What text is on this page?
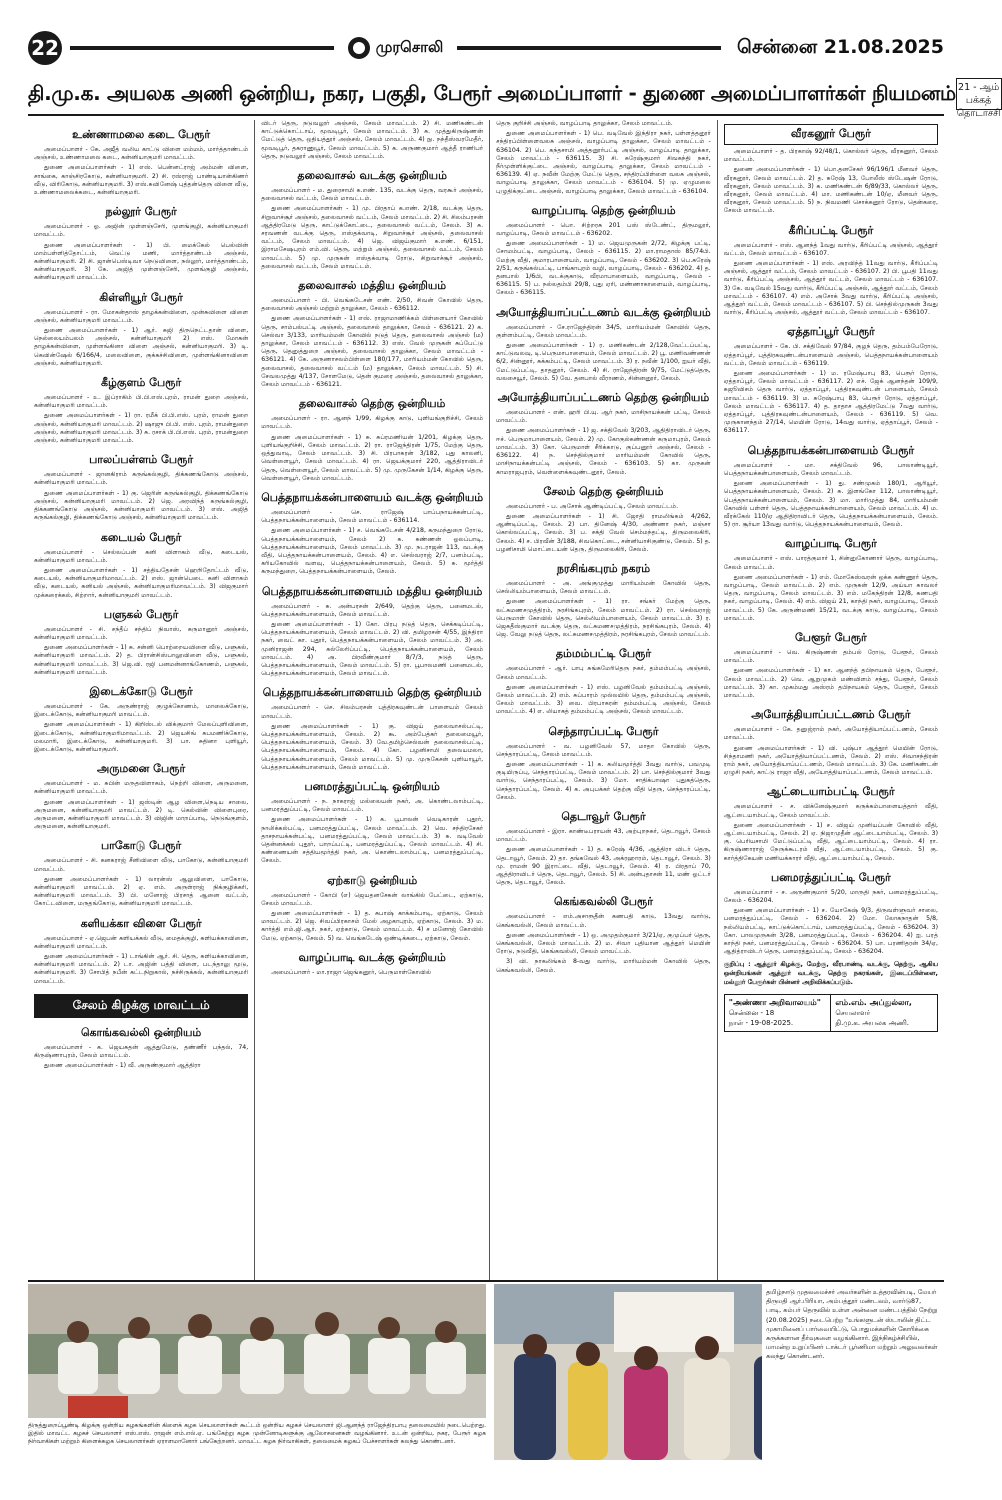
22	முரசொலி	சென்னை 21.08.2025
தி.மு.க. அயலக அணி ஒன்றிய, நகர, பகுதி, பேரூர் அமைப்பாளர் - துணை அமைப்பாளர்கள் நியமனம் 21 - ஆம் பக்கத்
தொடர்ச்சி
உண்ணாமலை கடை பேரூர்
அமைப்பாளர் - கே. அஜீத் வலிய காட்டு விளை மம்மம், மார்த்தாண்டம் அஞ்சல், உண்ணாமலை கடை, கன்னியாகுமரி மாவட்டம்.
துணை அமைப்பாளர்கள் - 1) எஸ். பென்னட்ராஜ் அம்மன் விளை, சாங்கை, காஞ்சிரகோடு, கன்னியாகுமரி. 2) சி. ரஸ்ராஜ் பாண்டியான்கிணர் வீடு, விரிகோடு, கன்னியாகுமரி. 3) எஸ்.சுவினேஷ் புத்தன்தெரு விளை வீடு, உண்ணாமலைக்கடை, கன்னியாகுமரி.
நல்லூர் பேரூர்
அமைப்பாளர் - ஓ. அஜின் முள்ளஞ்சேரி, முளங்குழி, கன்னியாகுமரி மாவட்டம்.
துணை அமைப்பாளர்கள் - 1) பி. மைக்கேல் பெல்வின் மாம்பள்ளித்தோட்டம், வெட்டு மணி, மார்த்தாண்டம் அஞ்சல், கன்னியாகுமரி. 2) சி. ஜான்பெஸ்டிவா நெடுவிளை, நல்லூர், மார்த்தாண்டம், கன்னியாகுமரி. 3) கே. அஜித் முள்ளஞ்சேரி, முளங்குழி அஞ்சல், கன்னியாகுமரி மாவட்டம்.
கிள்ளியூர் பேரூர்
அமைப்பாளர் - ரா. மோகன்தாஸ் தாழக்கன்விளை, முன்சுவிளை விளை அஞ்சல், கன்னியாகுமரி மாவட்டம்.
துணை அமைப்பாளர்கள் - 1) ஆர். சுஜி திருநெட்டதான் விளை, நெல்லையம்பலம் அஞ்சல், கன்னியாகுமரி 2) எஸ். மோகன் தாழக்கன்விளை, முள்ளங்கினா விளை அஞ்சல், கன்னியாகுமரி. 3) டி. கெவின்ஷேல் 6/166/4, மலைவிளை, குக்கச்சிவிளை, முள்ளங்கினாவிளை அஞ்சல், கன்னியாகுமரி.
கீழ்குளம் பேரூர்
அமைப்பாளர் - உ. இப்ராகிம் பி.பி.எஸ்.புரம், ராமன் துறை அஞ்சல், கன்னியாகுமரி மாவட்டம்.
துணை அமைப்பாளர்கள் - 1) ரா. ரமீக் பி.பி.எஸ். புரம், ராமன் துறை அஞ்சல், கன்னியாகுமரி மாவட்டம். 2) ஷாஜு பி.பி. எஸ். புரம், ராமன்துறை அஞ்சல், கன்னியாகுமரி மாவட்டம். 3) சு. ரசாக் பி.பி.எஸ். புரம், ராமன்துறை அஞ்சல், கன்னியாகுமரி மாவட்டம்.
பாலப்பள்ளம் பேரூர்
அமைப்பாளர் - ஜானகிராம் கருங்கல்குழி, திக்கணங்கோடு அஞ்சல், கன்னியாகுமரி மாவட்டம்.
துணை அமைப்பாளர்கள் - 1) கு. ஜெரின் கருங்கல்குழி, திக்கணங்கோடு அஞ்சல், கன்னியாகுமரி மாவட்டம். 2) ஜெ. அரவிந்த் கருங்கல்குழி, திக்கணங்கோடு அஞ்சல், கன்னியாகுமரி மாவட்டம். 3) எஸ். அஜித் கருங்கல்குழி, திக்கணங்கோடு அஞ்சல், கன்னியாகுமரி மாவட்டம்.
கடையல் பேரூர்
அமைப்பாளர் - செல்லப்பன் கனி விளாகம் வீடு, கடையல், கன்னியாகுமரி மாவட்டம்.
துணை அமைப்பாளர்கள் - 1) சத்தியதேசன் ஹெறிதோட்டம் வீடு, கடையல், கன்னியாகுமரிமாவட்டம். 2) எஸ். ஜான்பெடை கனி விளாகம் வீடு, கடையல், கனியல் அஞ்சல், கன்னியாகுமரிமாவட்டம். 3) விஜகுமார் முக்கரைக்கல், சிற்றார், கன்னியாகுமரி மாவட்டம்.
பளுகல் பேரூர்
அமைப்பாளர் - சி. சந்தீப் சந்திப் நிவாஸ், கருமானூர் அஞ்சல், கன்னியாகுமரி மாவட்டம்.
துணை அமைப்பாளர்கள் - 1) சு. சன்னி பொற்றையவிளை வீடு, பளுகல், கன்னியாகுமரி மாவட்டம். 2) த. பிரான்சிஸ்பாலூவிளை வீடு, பளுகல், கன்னியாகுமரி மாவட்டம். 3) ஜெ.வி. ரஜி பனமன்னாங்கோணம், பளுகல், கன்னியாகுமரி மாவட்டம்.
இடைக்கோடு பேரூர்
அமைப்பாளர் - கே. அருண்ராஜ் குழுக்கோணம், மாலைக்கோடு, இடைக்கோடு, கன்னியாகுமரி மாவட்டம்.
துணை அமைப்பாளர்கள் - 1) கிறிஸ்டல் விக்குமார் மேலப்புளிவிளை, இடைக்கோடு, கன்னியாகுமரிமாவட்டம். 2) ஜெயசிங் சுபமணிக்கோடு, மலமாரி, இடைக்கோடு, கன்னியாகுமரி. 3) பா. சுதினா புளியூர், இடைக்கோடு, கன்னியாகுமரி.
அருமனை பேரூர்
அமைப்பாளர் - ம. சுபின் மருதவிளாகம், நெற்றி விளை, அருமனை, கன்னியாகுமரி மாவட்டம்.
துணை அமைப்பாளர்கள் - 1) ஜஸ்டின் ஆழ விளை,நெடிய சாலை, அருமனை, கன்னியாகுமரி மாவட்டம். 2) டி. கெல்வின் விளைபுரை, அருமனை, கன்னியாகுமரி மாவட்டம். 3) விஜின் மாறப்பாடி, நெடுங்குளம், அருமனை, கன்னியாகுமரி.
பாகோடு பேரூர்
அமைப்பாளர் - சி. கனகராஜ் சீனிவிளை வீடு, பாகோடு, கன்னியாகுமரி மாவட்டம்.
துணை அமைப்பாளர்கள் - 1) லாரன்ஸ் ஆலுவிளை, பாகோடு, கன்னியாகுமரி மாவட்டம். 2) ஏ. எம். அருள்ராஜ் நிக்குழிக்கரி, கன்னியாகுமரி மாவட்டம். 3) பி. மனோஜ் பிரசாத் ஆனை வட்டம், கோட்டவிளை, மருதங்கோடு, கன்னியாகுமரி மாவட்டம்.
களியக்கா விளை பேரூர்
அமைப்பாளர் - ஏ.ஜெபன் களியக்கல் வீடு, மைதக்குழி, களியக்காவிளை, கன்னியாகுமரி மாவட்டம்.
துணை அமைப்பாளர்கள் - 1) டாங்கின் ஆர். சி. தெரு, களியக்காவிளை, கன்னியாகுமரி மாவட்டம். 2) டா. அஜின் பத்தி விளை, படந்தாலு மூடு, கன்னியாகுமரி. 3) சோபித் நபீன் கட்டநிறுகால், நச்சிருக்கல், கன்னியாகுமரி மாவட்டம்.
சேலம் கிழக்கு மாவட்டம்
கொங்கவல்லி ஒன்றியம்
அமைப்பாளர் - க. ஜெயசுதன் ஆத்துமேடு, தண்ணீர் பந்தல், 74, கிருஷ்ணாபுரம், சேலம் மாவட்டம்.
துணை அமைப்பாளர்கள் - 1) வீ. அருண்குமார் ஆத்திரா
விடர் தெரு, நடுவலூர் அஞ்சல், சேலம் மாவட்டம். 2) சி. மணிகண்டன் காட்டுக்கொட்டாய், மூவடிபூர், சேலம் மாவட்டம். 3) சு. முத்துகிருஷ்ணன் மேட்டுத் தெரு, ஒதியத்தூர் அஞ்சல், சேலம் மாவட்டம். 4) நு. நந்தீஸ்வரமேதீர், மூவடிபூர், தகராணுபூர், சேலம் மாவட்டம். 5) க. அருணகுமார் ஆத்தீ ராணிபர் தெரு, நடுவலூர் அஞ்சல், சேலம் மாவட்டம்.
தலைவாசல் வடக்கு ஒன்றியம்
அமைப்பாளர் - ம. துரைசாமி க.எண். 135, வடக்கு தெரு, வரகூர் அஞ்சல், தலைவாசல் வட்டம், சேலம் மாவட்டம்.
துணை அமைப்பாளர்கள் - 1) மு. பிரதாப் க.எண். 2/18, வடக்கு தெரு, சிறுவாச்சூர் அஞ்சல், தலைவாசல் வட்டம், சேலம் மாவட்டம். 2) சி. சிலம்பரசன் ஆத்திரமேடு தெரு, காட்டுக்கோட்டை, தலைவாசல் வட்டம், சேலம். 3) சு. சரவணன் வடக்கு தெரு, எஸ்தக்வாடி, சிறுவாச்சூர் அஞ்சல், தலைவாசல் வட்டம், சேலம் மாவட்டம். 4) ஜெ. விஜய்குமார் க.எண். 6/151, இராமசேஷபுரம் எம்.வி. தெரு, மற்றும் அஞ்சல், தலைவாசல் வட்டம், சேலம் மாவட்டம். 5) மு. முருகன் எஸ்தக்வாடி ரோடு, சிறுவாச்சூர் அஞ்சல், தலைவாசல் வட்டம், சேலம் மாவட்டம்.
தலைவாசல் மத்திய ஒன்றியம்
அமைப்பாளர் - பி. வெங்கடேசன் எண். 2/50, சிவன் கோவில் தெரு, தலைவாசல் அஞ்சல் மற்றும் தாலுக்கா, சேலம் - 636112.
துணை அமைப்பாளர்கள் - 1) எஸ். ராஜாமாணிக்கம் பிள்ளையார் கோவில் தெரு, சாம்பல்பட்டி அஞ்சல், தலைவாசல் தாலுக்கா, சேலம் - 636121. 2) க. செல்வா 3/133, மாரியம்மன் கோவில் நடுத் தெரு, தலைவாசல் அஞ்சல் (ம) தாலுக்கா, சேலம் மாவட்டம் - 636112. 3) எஸ். வேல் முருகன் சுப்பேட்டு தெரு, தெனுத்துறை அஞ்சல், தலைவாசல் தாலுக்கா, சேலம் மாவட்டம் - 636121. 4) கே. அருணாசலம்பிள்ளை 180/177, மாரியம்மன் கோவில் தெரு, தலைவாசல், தலைவாசல் வட்டம் (ம) தாலுக்கா, சேலம் மாவட்டம். 5) சி. சேவலமுத்து 4/137, சோளமேடு, தென் குமரை அஞ்சல், தலைவாசல் தாலுக்கா, சேலம் மாவட்டம் - 636121.
தலைவாசல் தெற்கு ஒன்றியம்
அமைப்பாளர் - ரா. ஆனந் 1/99, கிழக்கு காடு, புளியங்குறிச்சி, சேலம் மாவட்டம்.
துணை அமைப்பாளர்கள் - 1) சு. சுப்ரமணியன் 1/201, கிழக்கு தெரு, புளியங்குறிச்சி, சேலம் மாவட்டம். 2) ரா. ராஜேந்திரன் 1/75, மேற்கு தெரு, ஒத்துவாடி, சேலம் மாவட்டம். 3) சி. பிரபாகரன் 3/182, புது காலனி, வெள்ளையூர், சேலம் மாவட்டம். 4) ரா. ஜெயக்குமார் 220, ஆத்திராவிடர் தெரு, வெள்ளையூர், சேலம் மாவட்டம். 5) மு. முருகேசன் 1/14, கிழக்கு தெரு, வெள்ளையூர், சேலம் மாவட்டம்.
பெத்தநாயக்கன்பாளையம் வடக்கு ஒன்றியம்
அமைப்பாளர் - செ. ராஜேஷ் பாப்பநாயக்கன்பட்டி, பெத்தநாயக்கன்பாளையம், சேலம் மாவட்டம் - 636114.
துணை அமைப்பாளர்கள் - 1) ச. வெங்கடேசன் 4/218, கருமந்துறை ரோடு, பெத்தநாயக்கன்பாளையம், சேலம் 2) க. கண்ணன் ஓலப்பாடி, பெத்தநாயக்கன்பாளையம், சேலம் மாவட்டம். 3) மு. நடராஜன் 113, வடக்கு வீதி, பெத்தநாயக்கன்பாளையம், சேலம். 4) எ. செல்வராஜ் 2/7, பனம்பட்டி, கரியகோவில் வளவு, பெத்தநாயக்கன்பாளையம், சேலம். 5) சு. மூர்த்தி கருமந்துறை, பெத்தநாயக்கன்பாளையம், சேலம்.
பெத்தநாயக்கன்பாளையம் மத்திய ஒன்றியம்
அமைப்பாளர் - சு. அன்பரசன் 2/649, தெற்கு தெரு, பனைமடல், பெத்தநாயக்கன்பாளையம், சேலம் மாவட்டம்.
துணை அமைப்பாளர்கள் - 1) கோ. பிரபு நடுத் தெரு, செக்கடிப்பட்டி, பெத்தநாயக்கன்பாளையம், சேலம் மாவட்டம். 2) வி. தமிழரசன் 4/55, இந்திரா நகர், வைட் கா. புதூர், பெத்தநாயக்கன்பாளையம், சேலம் மாவட்டம். 3) அ. முனிராஜன் 294, கல்லேரிப்பட்டி, பெத்தநாயக்கன்பாளையம், சேலம் மாவட்டம். 4) அ. பிரவீண்குமார் 8/7/3, நடுத் தெரு, பெத்தநாயக்கன்பாளையம், சேலம் மாவட்டம். 5) ரா. பூபாலமணி பனைமடல், பெத்தநாயக்கன்பாளையம், சேலம் மாவட்டம்.
பெத்தநாயக்கன்பாளையம் தெற்கு ஒன்றியம்
அமைப்பாளர் - செ. சிலம்பரசன் புத்திரகவுண்டன் பாளையம் சேலம் மாவட்டம்.
துணை அமைப்பாளர்கள் - 1) கு. விஜய் தலைவாசல்பட்டி, பெத்தநாயக்கன்பாளையம், சேலம். 2) கூ. அம்பேத்கர் தலைமையூர், பெத்தநாயக்கன்பாளையம், சேலம். 3) வே.தமிழ்செல்வன் தலைவாசல்பட்டி, பெத்தநாயக்கன்பாளையம், சேலம். 4) கோ. பழனிசாமி தலையமலா, பெத்தநாயக்கன்பாளையம், சேலம் மாவட்டம். 5) மு. முருகேசன் புளியாயூர், பெத்தநாயக்கன்பாளையம், சேலம் மாவட்டம்.
பனமரத்துப்பட்டி ஒன்றியம்
அமைப்பாளர் - ந. நாகராஜ் மல்லையன் நகர், அ. கொண்டலாம்பட்டி, பனமரத்துப்பட்டி, சேலம் மாவட்டம்.
துணை அமைப்பாளர்கள் - 1) க. பூபாலன் வெடிகாரன் புதூர், நாலிக்கல்பட்டி, பனமரத்துப்பட்டி, சேலம் மாவட்டம். 2) வெ. சந்திரசேகர் தாசநாயக்கன்பட்டி, பனமரத்துப்பட்டி, சேலம் மாவட்டம். 3) சு. வடிவேல் தென்னக்கல் புதூர், பாறப்பட்டி, பனமரத்துப்பட்டி, சேலம் மாவட்டம். 4) சி. கண்ணையன் சத்தியமூர்த்தி நகர், அ. கொண்டலாம்பட்டி, பனமரத்துப்பட்டி, சேலம்.
ஏற்காடு ஒன்றியம்
அமைப்பாளர் - கோபி (எ) ஜெயதனசேகன் லாங்கில் பேட்டை, ஏற்காடு, சேலம் மாவட்டம்.
துணை அமைப்பாளர்கள் - 1) த. சுபாஷ் காக்கம்பாடி, ஏற்காடு, சேலம் மாவட்டம். 2) ஜெ. சிவப்பிரகாசம் மேல் அழகாபுரம், ஏற்காடு, சேலம். 3) ம. கார்த்தி எம்.ஜி.ஆர். நகர், ஏற்காடு, சேலம் மாவட்டம். 4) ச மனோஜ் கோவில் மேடு, ஏற்காடு, சேலம். 5) வ. வெங்கடேஷ் ஒண்டிக்கடை, ஏற்காடு, சேலம்.
வாழப்பாடி வடக்கு ஒன்றியம்
அமைப்பாளர் - மா.ராஜா ஜெங்கனூர், பெருமாள்கோவில்
தெரு குறிச்சி அஞ்சல், வாழப்பாடி தாலுக்கா, சேலம் மாவட்டம்.
துணை அமைப்பாளர்கள் - 1) பெ. வடிவேல் இந்திரா நகர், பள்ளத்தனூர் சந்திரப்பிள்ளைவலசு அஞ்சல், வாழப்பாடி தாலுக்கா, சேலம் மாவட்டம் - 636104. 2) பெ. கந்தசாமி அத்தனூர்பட்டி அஞ்சல், வாழப்பாடி தாலுக்கா, சேலம் மாவட்டம் - 636115. 3) சி. சுரேஷ்குமார் சிவகந்தி நகர், நீர்முள்ளிக்குட்டை அஞ்சல், வாழப்பாடி தாலுக்கா, சேலம் மாவட்டம் - 636139. 4) ஏ. நவீன் மேற்கு மேட்டு தெரு, சந்திரப்பிள்ளை வலசு அஞ்சல், வாழப்பாடி தாலுக்கா, சேலம் மாவட்டம் - 636104. 5) மு. ஏழுமலை புழுதிக்குட்டை அஞ்சல், வாழப்பாடி தாலுக்கா, சேலம் மாவட்டம் - 636104.
வாழப்பாடி தெற்கு ஒன்றியம்
அமைப்பாளர் - பொ. சிற்றரசு 201 பஸ் ஸ்டேண்ட், திருமலூர், வாழப்பாடி, சேலம் மாவட்டம் - 636202.
துணை அமைப்பாளர்கள் - 1) ம. ஜெயமுருகன் 2/72, கிழக்கு பட்டி, சோமம்பட்டி, வாழப்பாடி, சேலம் - 636115. 2) மா.ராமதாஸ் 85/74பி. மேற்கு வீதி, குமாரபாளையம், வாழப்பாடி, சேலம் - 636202. 3) பெ.சுரேஷ் 2/51, கருங்கல்பட்டி, பாங்காபுரம் வழி, வாழப்பாடி, சேலம் - 636202. 4) த. தனபால் 1/6பி, வடக்குகாடு, வீரமாபாளையம், வாழப்பாடி, சேலம் - 636115. 5) ப. நல்லதம்பி 29/8, புது ஏரி, மண்ணாகாளையம், வாழப்பாடி, சேலம் - 636115.
அயோத்தியாப்பட்டணம் வடக்கு ஒன்றியம்
அமைப்பாளர் - சே.ராஜேந்திரன் 34/5, மாரியம்மன் கோவில் தெரு, குள்ளம்பட்டி, சேலம் மாவட்டம்.
துணை அமைப்பாளர்கள் - 1) ர. மணிகண்டன் 2/128,வேட்டப்பட்டி, காட்டுவலவு, டி.பெருமாபாளையம், சேலம் மாவட்டம். 2) பூ. மணிவண்ணன் 6/2, சின்னூர், சுக்கம்பட்டி, சேலம் மாவட்டம். 3) ர. நவீன் 1/100, ஐயர் வீதி, மேட்டுப்பட்டி, தாதனூர், சேலம். 4) சி. ராஜேந்திரன் 9/75, மேட்டுத்தெரு, வலசையூர், சேலம். 5) வே. தனபால் வீராணம், சின்னனூர், சேலம்.
அயோத்தியாப்பட்டணம் தெற்கு ஒன்றியம்
அமைப்பாளர் - என். ஹரி பி.யு. ஆர் நகர், மாசிநாயக்கன் பட்டி, சேலம் மாவட்டம்.
துணை அமைப்பாளர்கள் - 1) ஜ. சக்திவேல் 3/203, ஆதிதிராவிடர் தெரு, ஈச். பெருமாபாளையம், சேலம். 2) மு. கோகுல்கண்ணன் கருமாபுரம், சேலம் மாவட்டம். 3) கோ. பெருமாள் சீரிக்காடு, குப்பனூர் அஞ்சல், சேலம் - 636122. 4) ந. செந்தில்குமார் மாரியம்மன் கோவில் தெரு, மாசிநாயக்கன்பட்டி அஞ்சல், சேலம் - 636103. 5) கா. முருகன் காமராஜபுரம், வெள்ளைக்கவுண்டனூர், சேலம்.
சேலம் தெற்கு ஒன்றியம்
அமைப்பாளர் - ப. அசோக் ஆண்டிப்பட்டி, சேலம் மாவட்டம்.
துணை அமைப்பாளர்கள் - 1) சி. ஜோதி ராமலிங்கம் 4/262, ஆண்டிப்பட்டி, சேலம். 2) பா. தினேஷ் 4/30, அண்ணா நகர், மஞ்சா கொல்லப்பட்டி, சேலம். 3) ப. சக்தி வேல் செம்மந்தட்டி, திருமலைகிரி, சேலம். 4) ச. பிரவீன் 3/188, சிவகொட்டை, சன்னியாசிகுண்டு, சேலம். 5) த. பழனிசாமி மொட்டையன் தெரு, திருமலைகிரி, சேலம்.
நரசிங்கபுரம் நகரம்
அமைப்பாளர் - அ. அங்குமுத்து மாரியம்மன் கோவில் தெரு, செல்லியம்பாளையம், சேலம் மாவட்டம்.
துணை அமைப்பாளர்கள் - 1) ரா. சங்கர் மேற்கு தெரு, லட்சுமணசமுத்திரம், நரசிங்கபுரம், சேலம் மாவட்டம். 2) ரா. செல்வராஜ் பெருமாள் கோவில் தெரு, செல்லியம்பாளையம், சேலம் மாவட்டம். 3) ர. ஜெகதீஸ்குமார் வடக்கு தெரு, லட்சுமணசமுத்திரம், நரசிங்கபுரம், சேலம். 4) ஜெ. வேலு நடுத் தெரு, லட்சுமணசமுத்திரம், நரசிங்கபுரம், சேலம் மாவட்டம்.
தம்மம்பட்டி பேரூர்
அமைப்பாளர் - ஆர். பாபு சுங்கமேரிதெரு நகர், தம்மம்பட்டி அஞ்சல், சேலம் மாவட்டம்.
துணை அமைப்பாளர்கள் - 1) எஸ். பழனிவேல் தம்மம்பட்டி அஞ்சல், சேலம் மாவட்டம். 2) எம். சுப்பாரம் முல்லயில் தெரு, தம்மம்பட்டி அஞ்சல், சேலம் மாவட்டம். 3) வை. பிரபாகரன் தம்மம்பட்டி அஞ்சல், சேலம் மாவட்டம். 4) எ. லியாகத் தம்மம்பட்டி அஞ்சல், சேலம் மாவட்டம்.
செந்தாரப்பட்டி பேரூர்
அமைப்பாளர் - வ. பழனிவேல் 57, மாதா கோவில் தெரு, செந்தாரப்பட்டி, சேலம் மாவட்டம்.
துணை அமைப்பாளர்கள் - 1) க. கலியமூர்த்தி 3வது வார்டு, பவமுடி குடியிருப்பு, செந்தாரப்பட்டி, சேலம் மாவட்டம். 2) பா. செந்தில்குமார் 3வது வார்டு, செந்தாரப்பட்டி, சேலம். 3) மோ. சாதிக்பாஷா புதுகத்தெரு, செந்தாரப்பட்டி, சேலம். 4) க. அபுபக்கர் தெற்கு வீதி தெரு, செந்தாரப்பட்டி, சேலம்.
தெடாவூர் பேரூர்
அமைப்பாளர் - இரா. காண்டீபராயன் 43, அற்புறநகர், தெடாவூர், சேலம் மாவட்டம்.
துணை அமைப்பாளர்கள் - 1) த. சுரேஷ் 4/36, ஆத்திரா விடர் தெரு, தெடாவூர், சேலம். 2) தா. தங்கவேல் 43, அக்ரஹாரம், தெடாவூர், சேலம். 3) மு. ராமன் 90 இராட்டை வீதி, தெடாவூர், சேலம். 4) ர. பிரதாப் 70, ஆத்திராவிடர் தெரு, தெடாவூர், சேலம். 5) சி. அன்புதாசன் 11, மண் ஓட்டர் தெரு, தெடாவூர், சேலம்.
கெங்கவல்லி பேரூர்
அமைப்பாளர் - எம்.அசாரூதீன் கணபதி காடு, 13வது வார்டு, கெங்கவல்லி, சேலம் மாவட்டம்.
துணை அமைப்பாளர்கள் - 1) ஒ. அமுதம்குமார் 3/21/ஏ, குமுப்பர் தெரு, கெங்கவல்லி, சேலம் மாவட்டம். 2) ம. சிவா புதியான ஆத்தூர் மெயின் ரோடு, நடுவீதி, கெங்கவல்லி, சேலம் மாவட்டம்.
3) வி. நாகலிங்கம் 8-வது வார்டு, மாரியம்மன் கோவில் தெரு, கெங்கவல்லி, சேலம்.
வீரகனூர் பேரூர்
அமைப்பாளர் - த. பிரகாஷ் 92/48/1, கொல்லர் தெரு, வீரகனூர், சேலம் மாவட்டம்.
துணை அமைப்பாளர்கள் - 1) பொ.தனசேகர் 96/196/1 மீனவர் தெரு, வீரகனூர், சேலம் மாவட்டம். 2) த. சுரேஷ் 13, போலீஸ் ஸ்டேஷன் ரோடு, வீரகனூர், சேலம் மாவட்டம். 3) க. மணிகண்டன் 6/89/33, கொல்லர் தெரு, வீரகனூர், சேலம் மாவட்டம். 4) மா. மணிகண்டன் 10/ஏ, மீனவர் தெரு, வீரகனூர், சேலம் மாவட்டம். 5) ந. நிவமணி சொக்கனூர் ரோடு, தென்கரை, சேலம் மாவட்டம்.
கீரிப்பட்டி பேரூர்
அமைப்பாளர் - எஸ். ஆனந்த் 1வது வார்டு, கீரிப்பட்டி அஞ்சல், ஆத்தூர் வட்டம், சேலம் மாவட்டம் - 636107.
துணை அமைப்பாளர்கள் - 1) எஸ். அரவிந்த் 11வது வார்டு, கீரிப்பட்டி அஞ்சல், ஆத்தூர் வட்டம், சேலம் மாவட்டம் - 636107. 2) பி. பூபதி 11வது வார்டு, கீரிப்பட்டி அஞ்சல், ஆத்தூர் வட்டம், சேலம் மாவட்டம் - 636107. 3) கே. வடிவேல் 15வது வார்டு, கீரிப்பட்டி அஞ்சல், ஆத்தூர் வட்டம், சேலம் மாவட்டம் - 636107. 4) எம். அசோக் 3வது வார்டு, கீரிப்பட்டி அஞ்சல், ஆத்தூர் வட்டம், சேலம் மாவட்டம் - 636107. 5) பி. செந்தில்முருகன் 3வது வார்டு, கீரிப்பட்டி அஞ்சல், ஆத்தூர் வட்டம், சேலம் மாவட்டம் - 636107.
ஏத்தாப்பூர் பேரூர்
அமைப்பாளர் - கே. பி. சக்திவேல் 97/84, குழந் தெரு, தம்பம்பேரோடு, ஏத்தாப்பூர், புத்திரகவுண்டன்பாளையம் அஞ்சல், பெத்தநாயக்கன்பாளையம் வட்டம், சேலம் மாவட்டம் - 636119.
துணை அமைப்பாளர்கள் - 1) ம. ரமேஷ்பாபு 83, பெரூர் ரோடு, ஏத்தாப்பூர், சேலம் மாவட்டம் - 636117. 2) எச். ஜேக் ஆனந்தன் 109/9, சுஜூவிசம் தெரு வார்டு, ஏத்தாப்பூர், புத்திரகவுண்டன் பாளையம், சேலம் மாவட்டம் - 636119. 3) ம. சுரேஷ்பாபு 83, பெரூர் ரோடு, ஏத்தாப்பூர், சேலம் மாவட்டம் - 636117. 4) த. தாதாச ஆத்திரமேட்டு 7வது வார்டு, ஏத்தாப்பூர், புத்திரகவுண்டன்பாளையம், சேலம் - 636119. 5) வெ. முருகானந்தம் 27/14, மெயின் ரோடு, 14வது வார்டு, ஏத்தாப்பூர், சேலம் - 636117.
பெத்தநாயக்கன்பாளையம் பேரூர்
அமைப்பாளர் - மா. சக்திவேல் 96, பாலாண்டியூர், பெத்தநாயக்கன்பாளையம், சேலம் மாவட்டம்.
துணை அமைப்பாளர்கள் - 1) து. சண்முகம் 180/1, ஆரியூர், பெத்தநாயக்கன்பாளையம், சேலம். 2) சு. இளங்கோ 112, பாலாண்டியூர், பெத்தநாயக்கன்பாளையம், சேலம். 3) மா. மாரிமுத்து 84, மாரியம்மன் கோவில் பள்ளர் தெரு, பெத்தநாயக்கன்பாளையம், சேலம் மாவட்டம். 4) ம. வீரக்கேல் 110/ஏ ஆதிதிராவிடர் தெரு, பெத்தநாயக்கன்பாளையம், சேலம். 5) ரா. சூர்யா 13வது வார்டு, பெத்தநாயக்கன்பாளையம், சேலம்.
வாழப்பாடி பேரூர்
அமைப்பாளர் - எஸ். பாரத்குமார் 1, சின்னுகோணார் தெரு, வாழப்பாடி, சேலம் மாவட்டம்.
துணை அமைப்பாளர்கள் - 1) எம். மோகேஸ்வரன் ஒக்க கண்ணூர் தெரு, வாழப்பாடி, சேலம் மாவட்டம். 2) எம். முருகன் 12/9, அய்யா காவலர் தெரு, வாழப்பாடி, சேலம் மாவட்டம். 3) எம். மகேந்திரன் 12/8, கணபதி நகர், வாழப்பாடி, சேலம். 4) எம். விஜய் 21, காந்தி நகர், வாழப்பாடி, சேலம் மாவட்டம். 5) கே. அருண்மணி 15/21, வடக்கு காடு, வாழப்பாடி, சேலம் மாவட்டம்.
பேளூர் பேரூர்
அமைப்பாளர் - வெ. கிருஷ்ணன் தம்பல் ரோடு, பேளூர், சேலம் மாவட்டம்.
துணை அமைப்பாளர்கள் - 1) கா. ஆனந்த் தபிநாயகம் தெரு, பேளூர், சேலம் மாவட்டம். 2) வெ. ஆறுமுகம் மண்விளம் சந்து, பேளூர், சேலம் மாவட்டம். 3) கா. முகம்மது அஸ்ரம் தபிநாயகம் தெரு, பேளூர், சேலம் மாவட்டம்.
அயோத்தியாப்பட்டணம் பேரூர்
அமைப்பாளர் - கே. தனுஜ்ராம் நகர், அயோத்தியாப்பட்டணம், சேலம் மாவட்டம்.
துணை அமைப்பாளர்கள் - 1) வி. புஷ்பா ஆத்தூர் மெயின் ரோடு, சிந்தாமணி நகர், அயோத்தியாப்பட்டணம், சேலம். 2) எஸ். சிவாசந்திரன் ராம் நகர், அயோத்தியாப்பட்டணம், சேலம் மாவட்டம். 3) கே. மணிகண்டன் ஏழுசி நகர், காட்டு ராஜா வீதி, அயோத்தியாப்பட்டணம், சேலம் மாவட்டம்.
ஆட்டையாம்பட்டி பேரூர்
அமைப்பாளர் - ச. விக்னேஷ்குமார் கருக்கம்பாளையத்தார் வீதி, ஆட்டையாம்பட்டி, சேலம் மாவட்டம்.
துணை அமைப்பாளர்கள் - 1) ச. விஜய் முனியப்பன் கோவில் வீதி, ஆட்டையாம்பட்டி, சேலம். 2) ஏ. நிஜாமுதீன் ஆட்டையாம்பட்டி, சேலம். 3) கு. பெரியசாமி மேட்டுப்பட்டி வீதி, ஆட்டையாம்பட்டி, சேலம். 4) ரா. கிருஷ்ணாராஜ் நேருக்கூடரம் வீதி, ஆட்டையாம்பட்டி, சேலம். 5) கு. கார்த்திகேயன் மணியக்காரர் வீதி, ஆட்டையாம்பட்டி, சேலம்.
பனமரத்துப்பட்டி பேரூர்
அமைப்பாளர் - ச. அருண்குமார் 5/20, மாருதி நகர், பனமரத்துப்பட்டி, சேலம் - 636204.
துணை அமைப்பாளர்கள் - 1) ச. யோகேஷ் 9/3, திருவள்ளுவர் சாலை, பனமரத்துப்பட்டி, சேலம் - 636204. 2) மோ. லோகநாதன் 5/8, நல்லியம்பட்டி, காட்டுக்கொட்டாய், பனமரத்துப்பட்டி, சேலம் - 636204. 3) கோ. பாலமுருகன் 3/28, பனமரத்துப்பட்டி, சேலம் - 636204. 4) ஐ. பரத் காந்தி நகர், பனமரத்துப்பட்டி, சேலம் - 636204. 5) பா. பரணிதரன் 34/ஏ, ஆதித்ராவிடர் தெரு, பனமரத்துப்பட்டி, சேலம் - 636204.
குறிப்பு : ஆத்தூர் கிழக்கு, மேற்கு, வீரபாண்டி வடக்கு, தெற்கு, ஆகிய ஒன்றியங்கள் ஆத்தூர் வடக்கு, தெற்கு நகரங்கள், இடைப்பிள்ளை, மல்லூர் பேரூர்கள் பின்னர் அறிவிக்கப்படும்.
"அண்ணா அறிவாலயம்"
சென்னை - 18
நாள் - 19-08-2025.
எம்.எம். அப்துல்லா,
செயலாளர்
தி.மு.க. அயலக அணி.
திருத்துறைப்பூண்டி கிழக்கு ஒன்றிய கழகங்களின் கிளைக் கழக செயலாளர்கள் கூட்டம் ஒன்றிய கழகச் செயலாளர் ஜி.ஆனந்த் ராஜேந்திரபாபு தலைமையில் நடைபெற்றது. இதில் மாவட்ட கழகச் செயலாளர் எஸ்.எஸ். ராஜன் எம்.எல்.ஏ. பங்கேற்று கழக முன்னோடிகளுக்கு ஆலோசனைகள் வழங்கினார். உடன் ஒன்றிய, நகர, பேரூர் கழக நிர்வாகிகள் மற்றும் கிளைக்கழக செயலாளர்கள் ஏராளமானோர் பங்கேற்றனர். மாவட்ட கழக நிர்வாகிகள், தலைமைக் கழகப் பேச்சாளர்கள் கலந்து கொண்டனர்.
தமிழ்நாடு முதலமைச்சர் அவர்களின் உத்தரவின்படி, மேயர் திருமதி ஆர்.பிரியா, அம்பத்தூர் மண்டலம், வார்டு87, பாடி, கம்பர் தெருவில் உள்ள அன்னை மண்டபத்தில் நேற்று (20.08.2025) நடைபெற்ற "உங்களுடன் ஸ்டாலின் திட்ட முகாமினைப் பார்வையிட்டு, பொதுமக்களின் கோரிக்கை கருக்களான தீர்வுகளை வழங்கினார். இந்நிகழ்ச்சியில், மாமன்ற உறுப்பினர் டாக்டர் பூர்ணிமா மற்றும் அலுவலர்கள் கலந்து கொண்டனர்.
